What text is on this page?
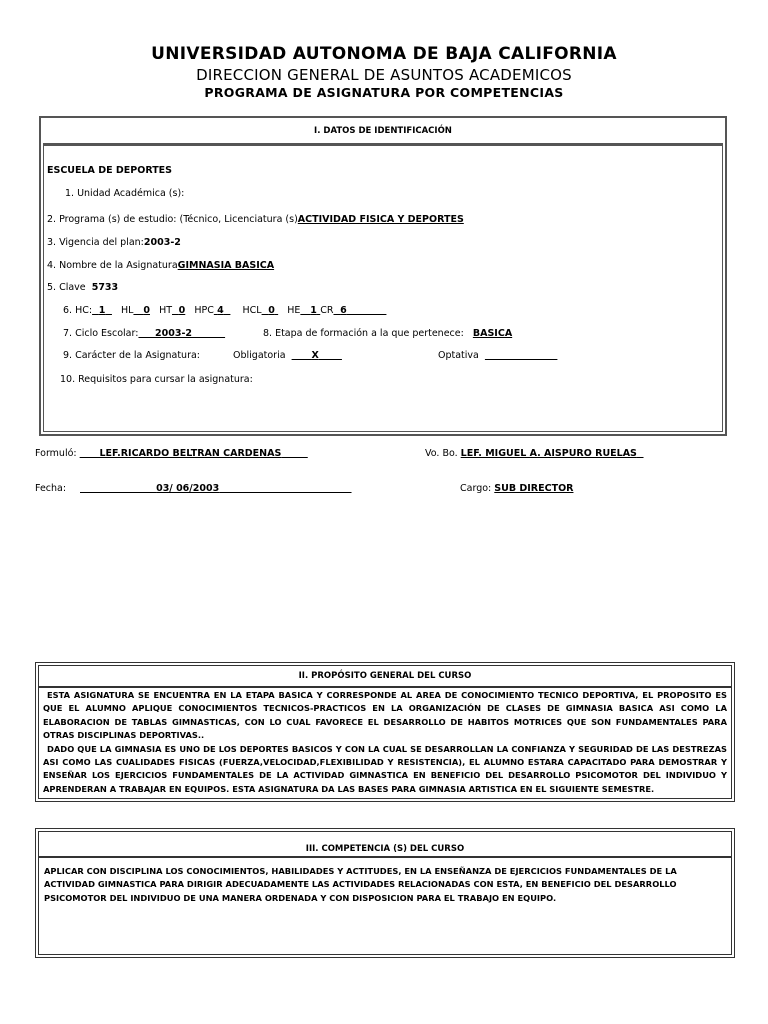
UNIVERSIDAD AUTONOMA DE BAJA CALIFORNIA
DIRECCION GENERAL DE ASUNTOS ACADEMICOS
PROGRAMA DE ASIGNATURA POR COMPETENCIAS
I. DATOS DE IDENTIFICACIÓN
ESCUELA DE DEPORTES
1. Unidad Académica (s):
2. Programa (s) de estudio: (Técnico, Licenciatura (s)ACTIVIDAD FISICA Y DEPORTES
3. Vigencia del plan:2003-2
4. Nombre de la AsignaturaGIMNASIA BASICA
5. Clave 5733
6. HC: 1 HL 0 HT 0 HPC 4 HCL 0 HE 1 CR 6
7. Ciclo Escolar: 2003-2	8. Etapa de formación a la que pertenece: BASICA
9. Carácter de la Asignatura:	Obligatoria	X	Optativa
10. Requisitos para cursar la asignatura:
Formuló: LEF.RICARDO BELTRAN CARDENAS	Vo. Bo. LEF. MIGUEL A. AISPURO RUELAS
Fecha:	03/ 06/2003	Cargo: SUB DIRECTOR
II. PROPÓSITO GENERAL DEL CURSO

ESTA ASIGNATURA SE ENCUENTRA EN LA ETAPA BASICA Y CORRESPONDE AL AREA DE CONOCIMIENTO TECNICO DEPORTIVA, EL PROPOSITO ES QUE EL ALUMNO APLIQUE CONOCIMIENTOS TECNICOS-PRACTICOS EN LA ORGANIZACIÓN DE CLASES DE GIMNASIA BASICA ASI COMO LA ELABORACION DE TABLAS GIMNASTICAS, CON LO CUAL FAVORECE EL DESARROLLO DE HABITOS MOTRICES QUE SON FUNDAMENTALES PARA OTRAS DISCIPLINAS DEPORTIVAS..

DADO QUE LA GIMNASIA ES UNO DE LOS DEPORTES BASICOS Y CON LA CUAL SE DESARROLLAN LA CONFIANZA Y SEGURIDAD DE LAS DESTREZAS ASI COMO LAS CUALIDADES FISICAS (FUERZA,VELOCIDAD,FLEXIBILIDAD Y RESISTENCIA), EL ALUMNO ESTARA CAPACITADO PARA DEMOSTRAR Y ENSEÑAR LOS EJERCICIOS FUNDAMENTALES DE LA ACTIVIDAD GIMNASTICA EN BENEFICIO DEL DESARROLLO PSICOMOTOR DEL INDIVIDUO Y APRENDERAN A TRABAJAR EN EQUIPOS. ESTA ASIGNATURA DA LAS BASES PARA GIMNASIA ARTISTICA EN EL SIGUIENTE SEMESTRE.

III. COMPETENCIA (S) DEL CURSO
APLICAR CON DISCIPLINA LOS CONOCIMIENTOS, HABILIDADES Y ACTITUDES, EN LA ENSEÑANZA DE EJERCICIOS FUNDAMENTALES DE LA ACTIVIDAD GIMNASTICA PARA DIRIGIR ADECUADAMENTE LAS ACTIVIDADES RELACIONADAS CON ESTA, EN BENEFICIO DEL DESARROLLO PSICOMOTOR DEL INDIVIDUO DE UNA MANERA ORDENADA Y CON DISPOSICION PARA EL TRABAJO EN EQUIPO.
